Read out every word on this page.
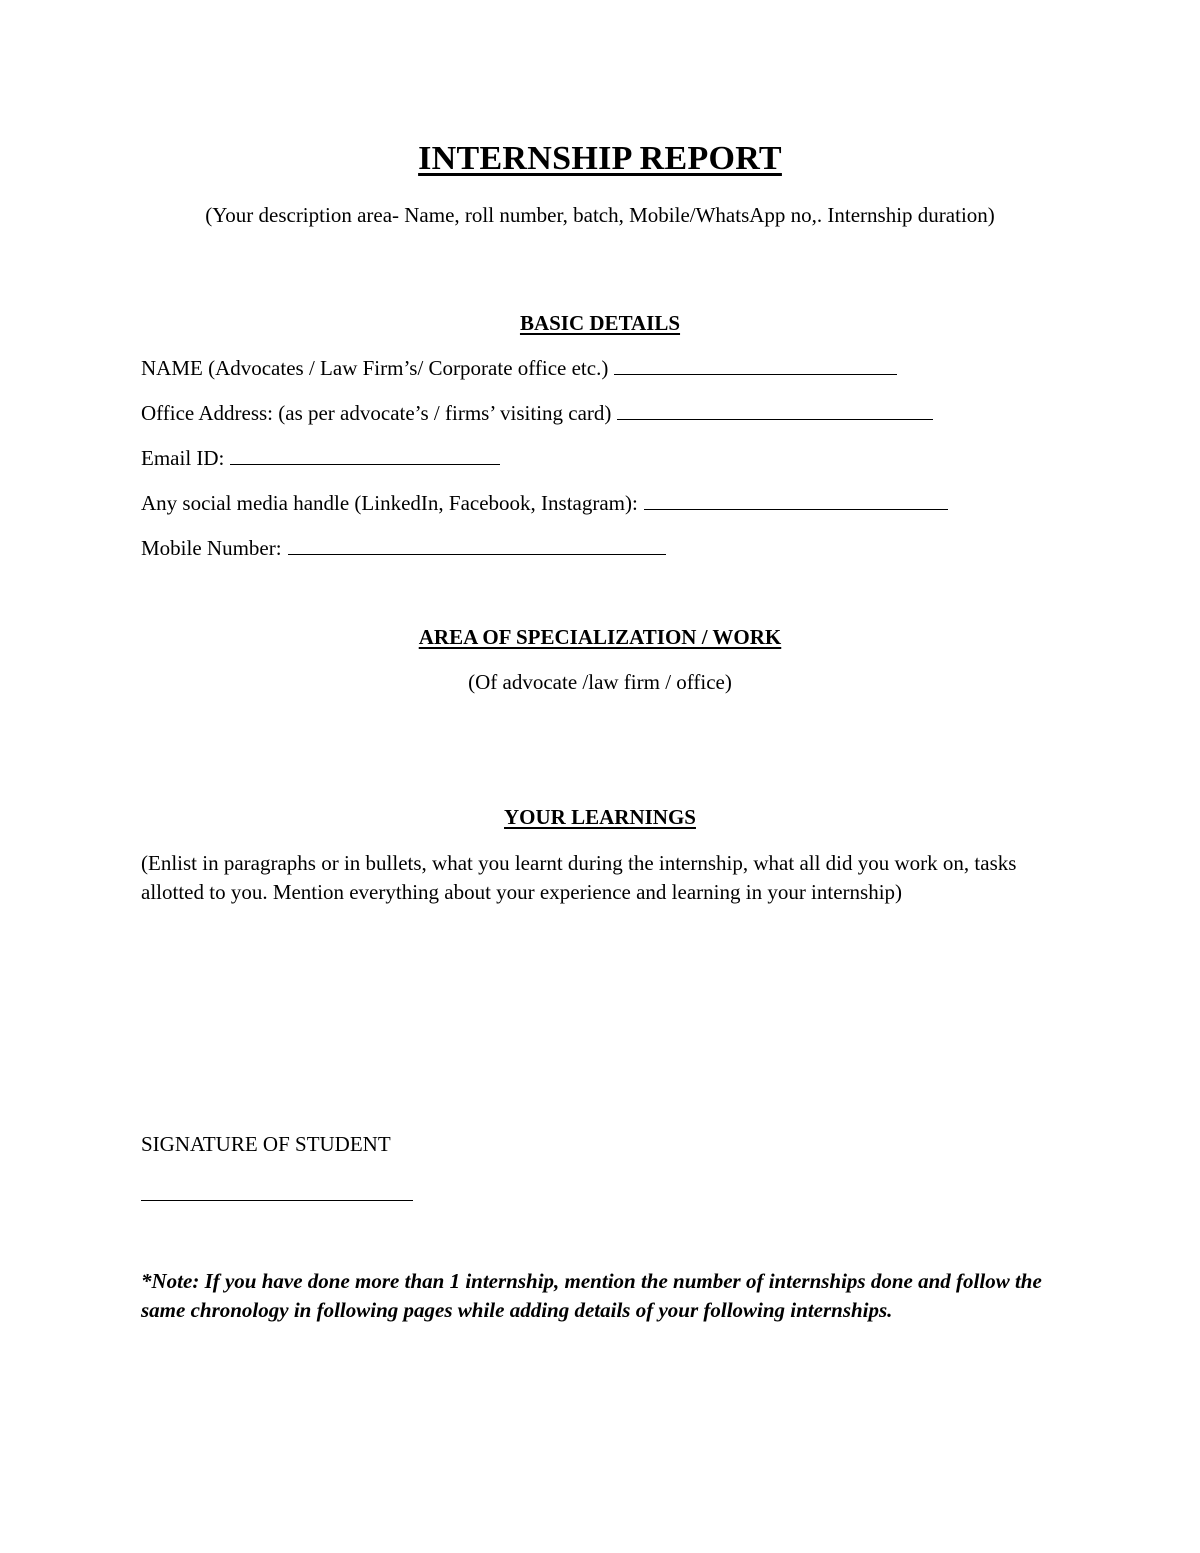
INTERNSHIP REPORT
(Your description area- Name, roll number, batch, Mobile/WhatsApp no,. Internship duration)
BASIC DETAILS
NAME (Advocates / Law Firm’s/ Corporate office etc.)
Office Address: (as per advocate’s / firms’ visiting card)
Email ID:
Any social media handle (LinkedIn, Facebook, Instagram):
Mobile Number:
AREA OF SPECIALIZATION / WORK
(Of advocate /law firm / office)
YOUR LEARNINGS
(Enlist in paragraphs or in bullets, what you learnt during the internship, what all did you work on, tasks allotted to you. Mention everything about your experience and learning in your internship)
SIGNATURE OF STUDENT
*Note: If you have done more than 1 internship, mention the number of internships done and follow the same chronology in following pages while adding details of your following internships.
